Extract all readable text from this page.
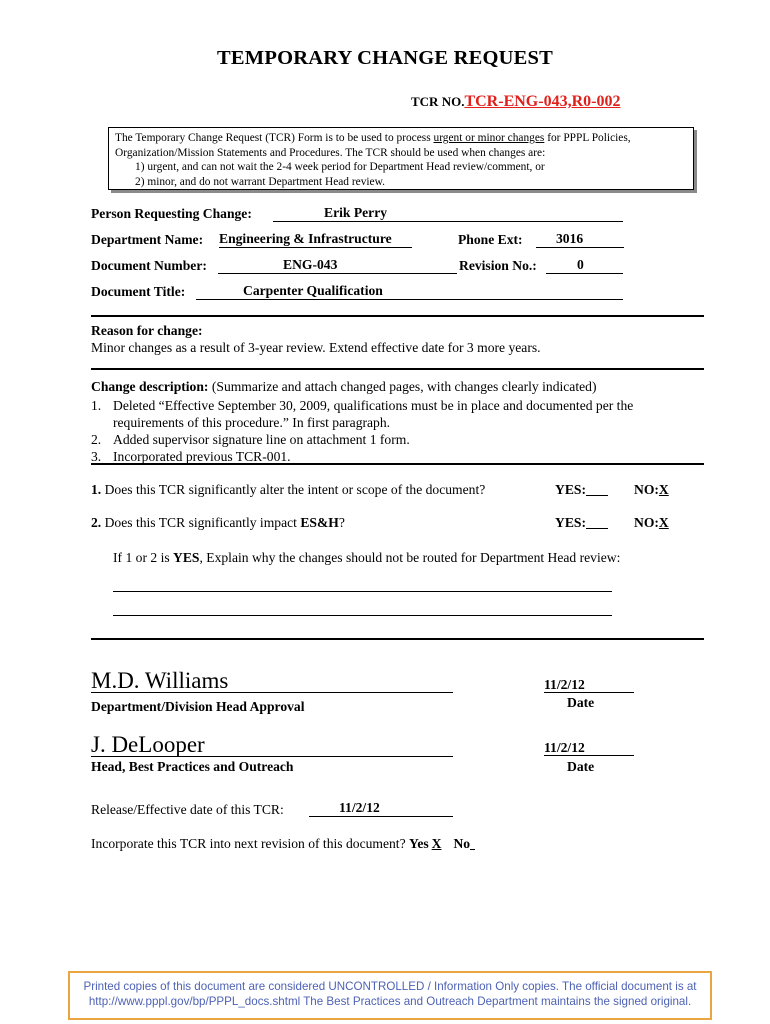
TEMPORARY CHANGE REQUEST
TCR NO.TCR-ENG-043,R0-002
The Temporary Change Request (TCR) Form is to be used to process urgent or minor changes for PPPL Policies,
Organization/Mission Statements and Procedures. The TCR should be used when changes are:
1) urgent, and can not wait the 2-4 week period for Department Head review/comment, or
2) minor, and do not warrant Department Head review.
Person Requesting Change:	Erik Perry
Department Name: Engineering & Infrastructure	Phone Ext:	3016
Document Number:	ENG-043	Revision No.:	0
Document Title:	Carpenter Qualification
Reason for change:
Minor changes as a result of 3-year review. Extend effective date for 3 more years.
Change description: (Summarize and attach changed pages, with changes clearly indicated)
1. Deleted “Effective September 30, 2009, qualifications must be in place and documented per the requirements of this procedure.” In first paragraph.
2. Added supervisor signature line on attachment 1 form.
3. Incorporated previous TCR-001.
1. Does this TCR significantly alter the intent or scope of the document?	YES:	NO:X
2. Does this TCR significantly impact ES&H?	YES:	NO:X
If 1 or 2 is YES, Explain why the changes should not be routed for Department Head review:
M.D. Williams
Department/Division Head Approval
11/2/12
Date
J. DeLooper
Head, Best Practices and Outreach
11/2/12
Date
Release/Effective date of this TCR:	11/2/12
Incorporate this TCR into next revision of this document? Yes X No
Printed copies of this document are considered UNCONTROLLED / Information Only copies. The official document is at
http://www.pppl.gov/bp/PPPL_docs.shtml The Best Practices and Outreach Department maintains the signed original.
